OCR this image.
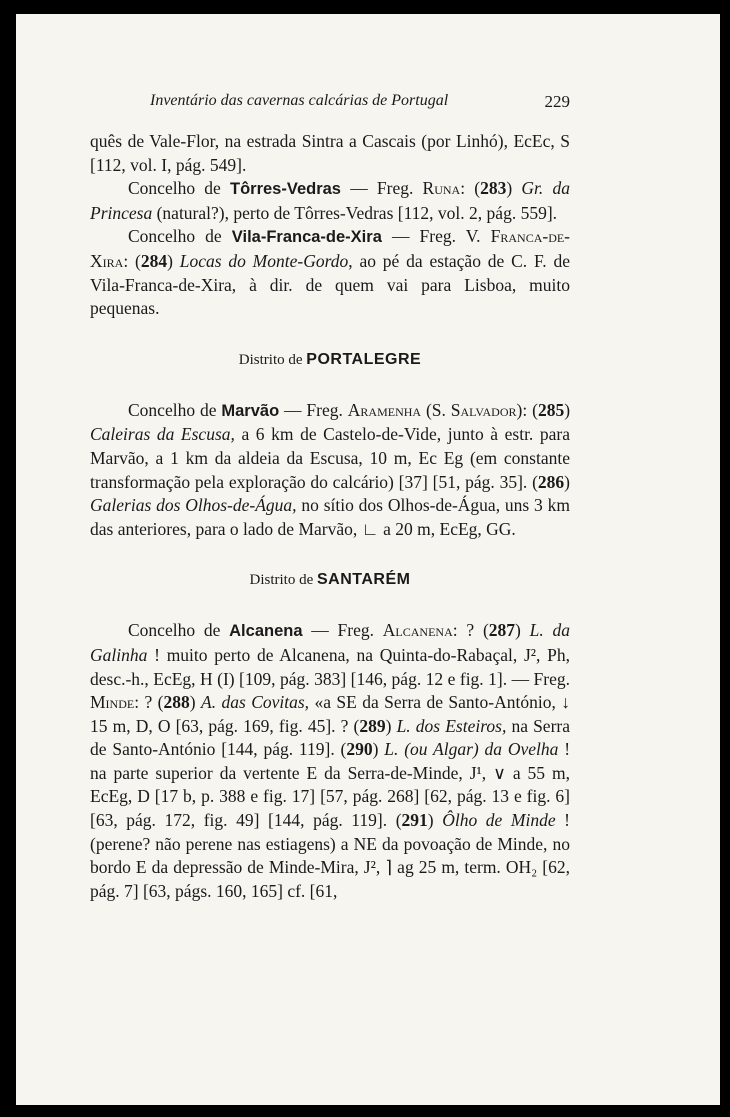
Inventário das cavernas calcárias de Portugal	229

quês de Vale-Flor, na estrada Sintra a Cascais (por Linhó), EcEc, S [112, vol. I, pág. 549].

Concelho de Tôrres-Vedras — Freg. Runa: (283) Gr. da Princesa (natural?), perto de Tôrres-Vedras [112, vol. 2, pág. 559].

Concelho de Vila-Franca-de-Xira — Freg. V. Franca-de-Xira: (284) Locas do Monte-Gordo, ao pé da estação de C. F. de Vila-Franca-de-Xira, à dir. de quem vai para Lisboa, muito pequenas.

Distrito de PORTALEGRE

Concelho de Marvão — Freg. Aramenha (S. Salvador): (285) Caleiras da Escusa, a 6 km de Castelo-de-Vide, junto à estr. para Marvão, a 1 km da aldeia da Escusa, 10 m, Ec Eg (em constante transformação pela exploração do calcário) [37] [51, pág. 35]. (286) Galerias dos Olhos-de-Água, no sítio dos Olhos-de-Água, uns 3 km das anteriores, para o lado de Marvão, ∟ a 20 m, EcEg, GG.

Distrito de SANTARÉM

Concelho de Alcanena — Freg. Alcanena: ? (287) L. da Galinha ! muito perto de Alcanena, na Quinta-do-Rabaçal, J², Ph, desc.-h., EcEg, H (I) [109, pág. 383] [146, pág. 12 e fig. 1]. — Freg. Minde: ? (288) A. das Covitas, «a SE da Serra de Santo-António, ↓ 15 m, D, O [63, pág. 169, fig. 45]. ? (289) L. dos Esteiros, na Serra de Santo-António [144, pág. 119]. (290) L. (ou Algar) da Ovelha ! na parte superior da vertente E da Serra-de-Minde, J¹, ∨ a 55 m, EcEg, D [17 b, p. 388 e fig. 17] [57, pág. 268] [62, pág. 13 e fig. 6] [63, pág. 172, fig. 49] [144, pág. 119]. (291) Ôlho de Minde ! (perene? não perene nas estiagens) a NE da povoação de Minde, no bordo E da depressão de Minde-Mira, J², ⌉ ag 25 m, term. OH₂ [62, pág. 7] [63, págs. 160, 165] cf. [61,
